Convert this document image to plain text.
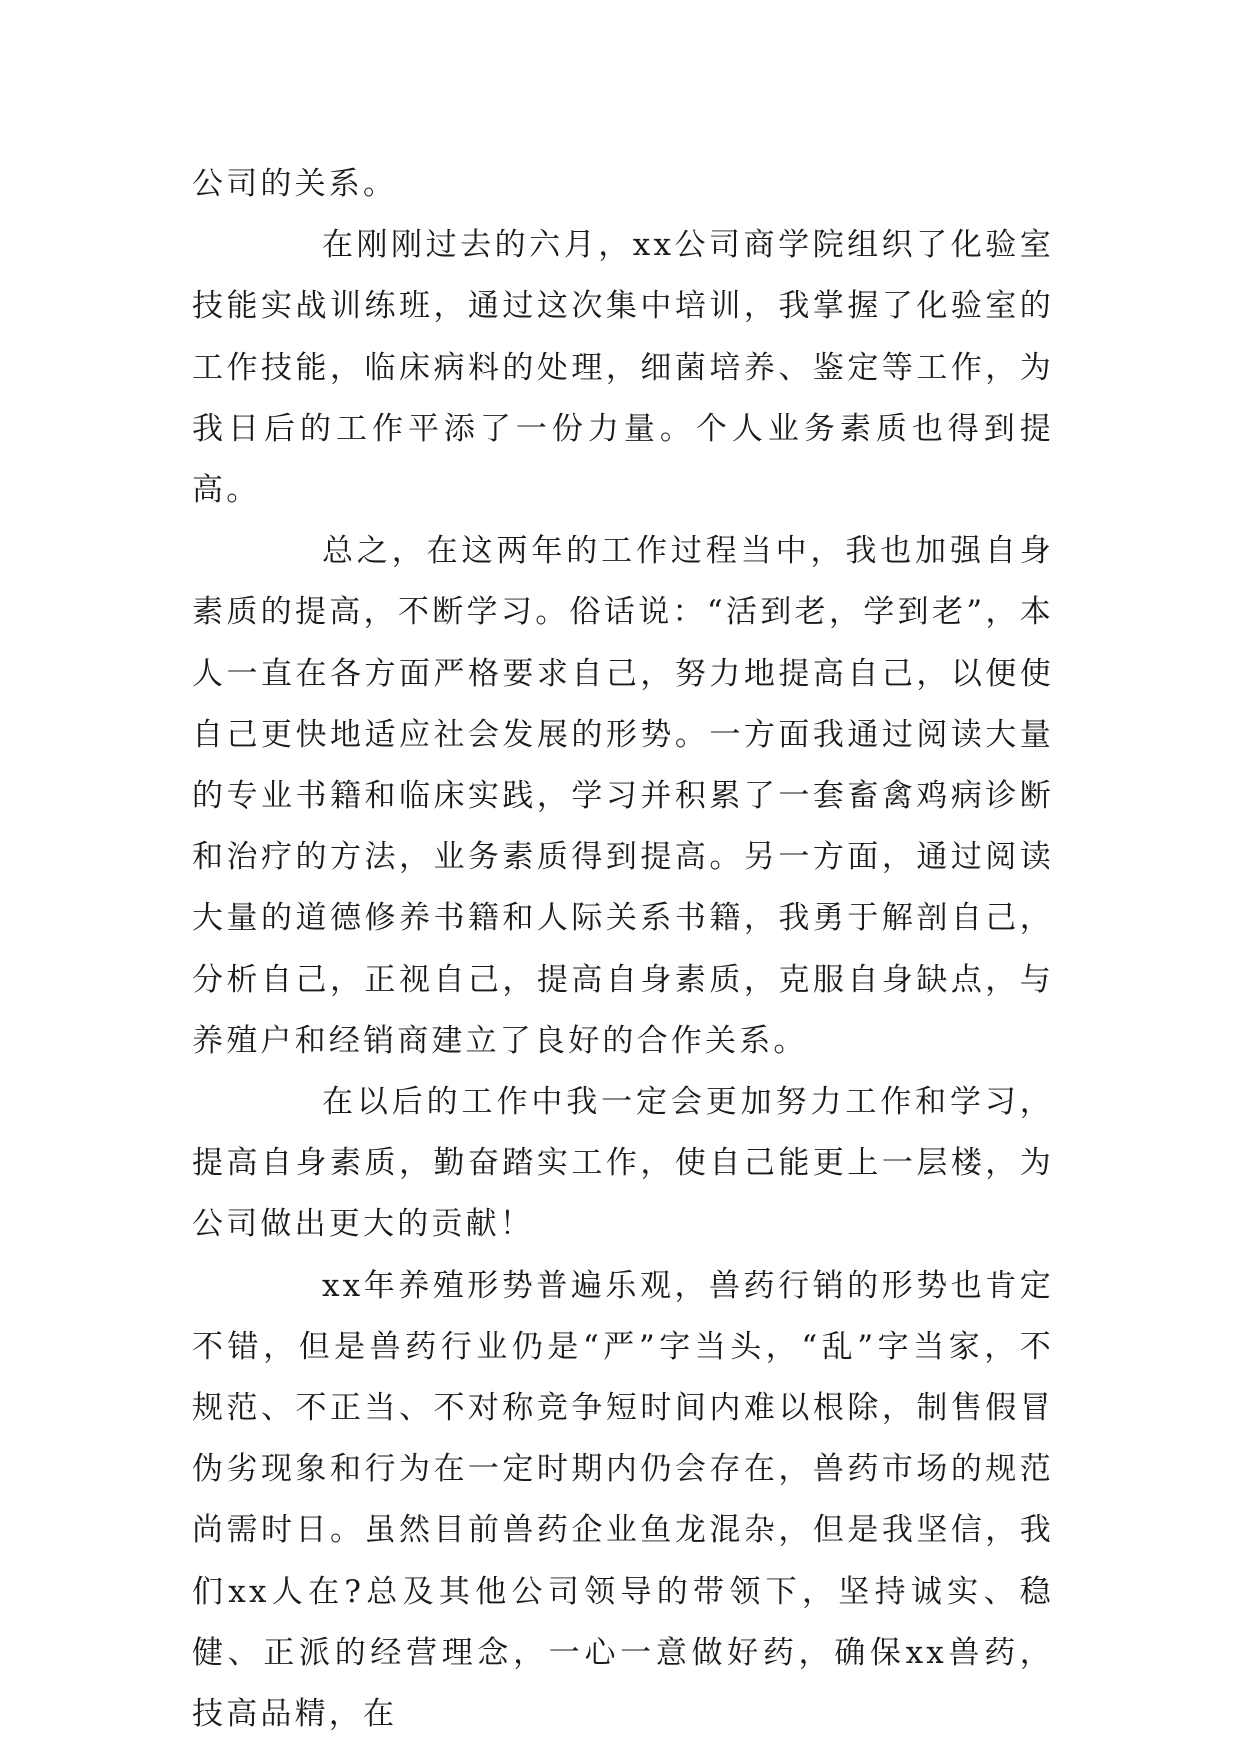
公司的关系。

在刚刚过去的六月，xx公司商学院组织了化验室技能实战训练班，通过这次集中培训，我掌握了化验室的工作技能，临床病料的处理，细菌培养、鉴定等工作，为我日后的工作平添了一份力量。个人业务素质也得到提高。

总之，在这两年的工作过程当中，我也加强自身素质的提高，不断学习。俗话说：“活到老，学到老”，本人一直在各方面严格要求自己，努力地提高自己，以便使自己更快地适应社会发展的形势。一方面我通过阅读大量的专业书籍和临床实践，学习并积累了一套畜禽鸡病诊断和治疗的方法，业务素质得到提高。另一方面，通过阅读大量的道德修养书籍和人际关系书籍，我勇于解剖自己，分析自己，正视自己，提高自身素质，克服自身缺点，与养殖户和经销商建立了良好的合作关系。

在以后的工作中我一定会更加努力工作和学习，提高自身素质，勤奋踏实工作，使自己能更上一层楼，为公司做出更大的贡献！

xx年养殖形势普遍乐观，兽药行销的形势也肯定不错，但是兽药行业仍是“严”字当头，“乱”字当家，不规范、不正当、不对称竞争短时间内难以根除，制售假冒伪劣现象和行为在一定时期内仍会存在，兽药市场的规范尚需时日。虽然目前兽药企业鱼龙混杂，但是我坚信，我们xx人在?总及其他公司领导的带领下，坚持诚实、稳健、正派的经营理念，一心一意做好药，确保xx兽药，技高品精，在
